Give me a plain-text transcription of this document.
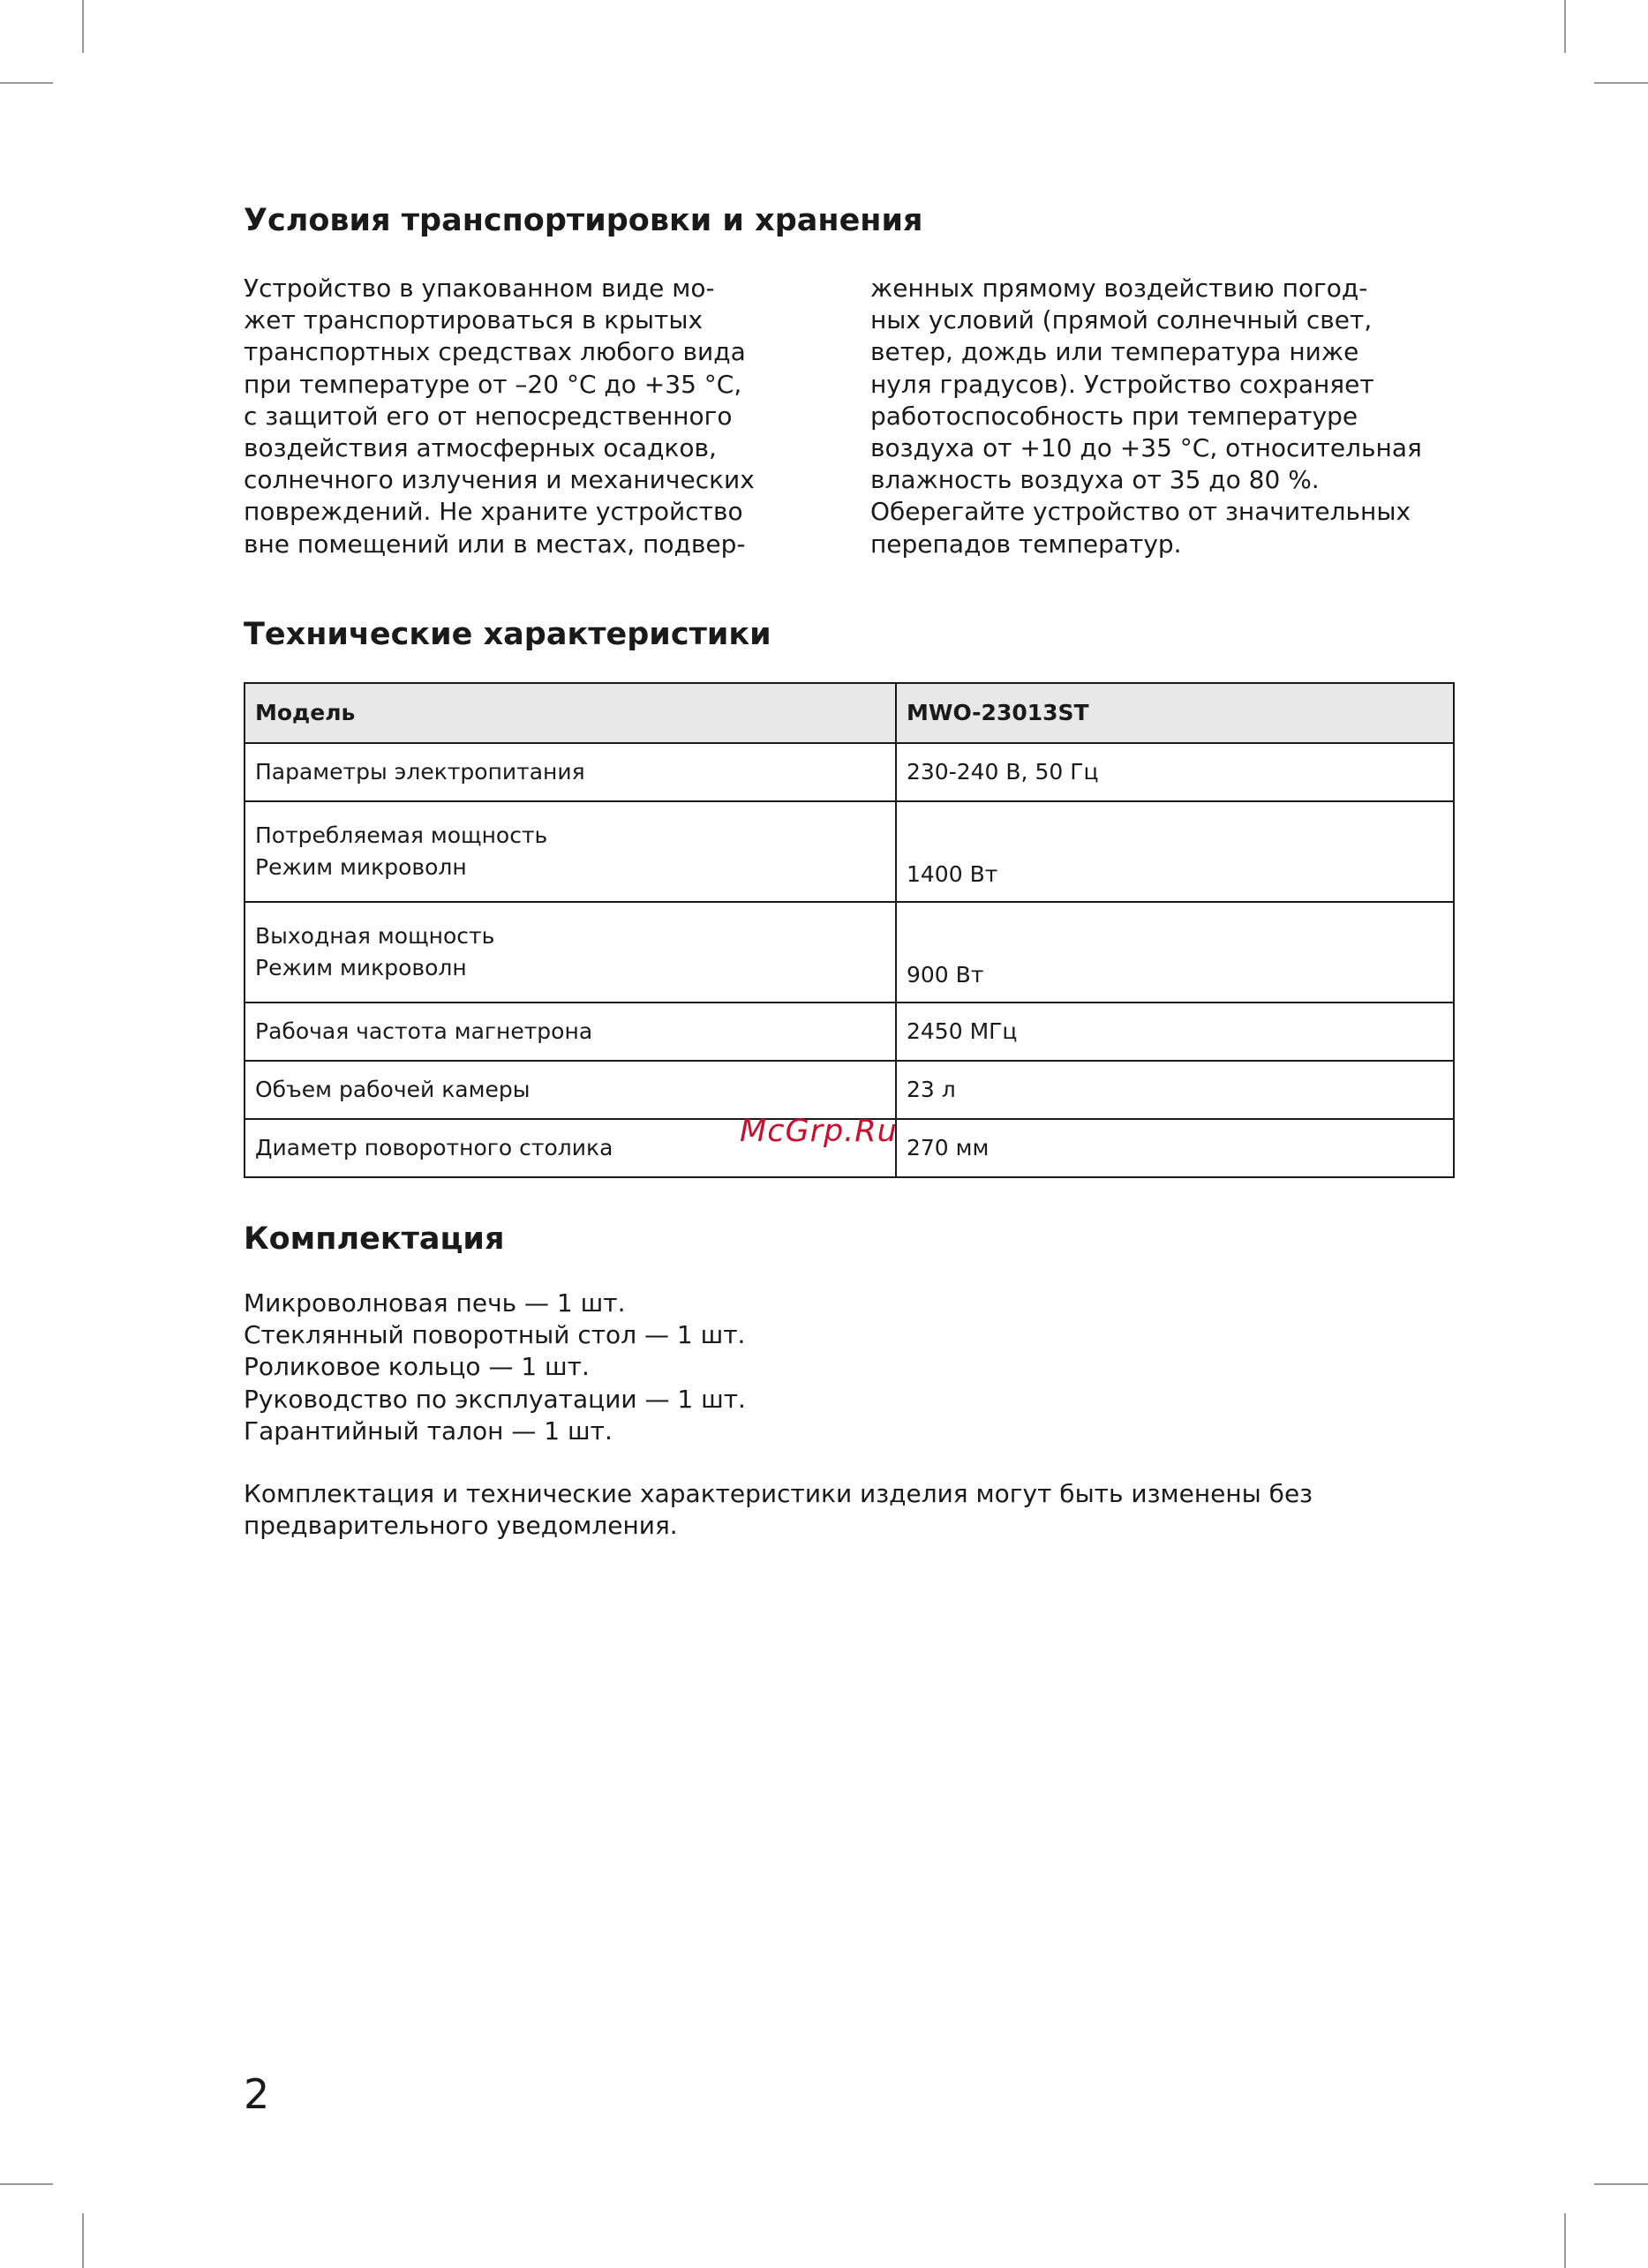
Условия транспортировки и хранения
Устройство в упакованном виде мо-
жет транспортироваться в крытых
транспортных средствах любого вида
при температуре от –20 °С до +35 °С,
с защитой его от непосредственного
воздействия атмосферных осадков,
солнечного излучения и механических
повреждений. Не храните устройство
вне помещений или в местах, подвер-
женных прямому воздействию погод-
ных условий (прямой солнечный свет,
ветер, дождь или температура ниже
нуля градусов). Устройство сохраняет
работоспособность при температуре
воздуха от +10 до +35 °С, относительная
влажность воздуха от 35 до 80 %.
Оберегайте устройство от значительных
перепадов температур.
Технические характеристики
Модель	MWO-23013ST
Параметры электропитания	230-240 В, 50 Гц

Потребляемая мощность
Режим микроволн	1400 Вт

Выходная мощность
Режим микроволн	900 Вт
Рабочая частота магнетрона	2450 МГц
Объем рабочей камеры	23 л
Диаметр поворотного столика	270 мм
Комплектация
Микроволновая печь — 1 шт.
Стеклянный поворотный стол — 1 шт.
Роликовое кольцо — 1 шт.
Руководство по эксплуатации — 1 шт.
Гарантийный талон — 1 шт.
Комплектация и технические характеристики изделия могут быть изменены без
предварительного уведомления.
McGrp.Ru
2
